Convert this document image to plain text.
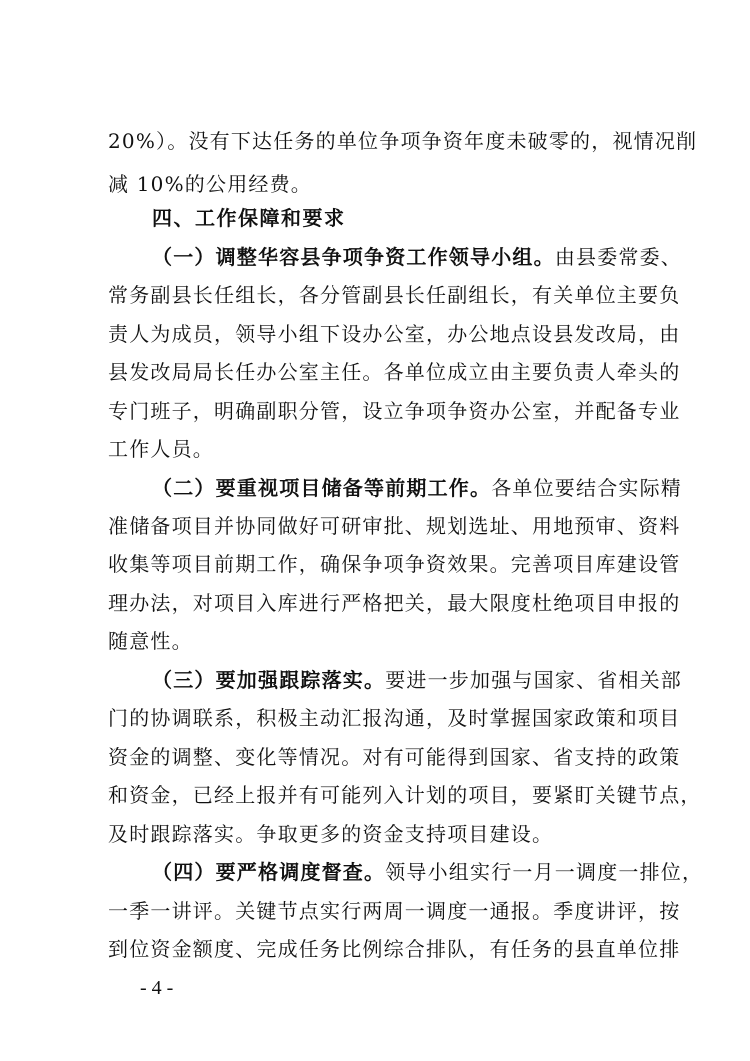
20%）。没有下达任务的单位争项争资年度未破零的，视情况削
减 10%的公用经费。
四、工作保障和要求
（一）调整华容县争项争资工作领导小组。由县委常委、
常务副县长任组长，各分管副县长任副组长，有关单位主要负
责人为成员，领导小组下设办公室，办公地点设县发改局，由
县发改局局长任办公室主任。各单位成立由主要负责人牵头的
专门班子，明确副职分管，设立争项争资办公室，并配备专业
工作人员。
（二）要重视项目储备等前期工作。各单位要结合实际精
准储备项目并协同做好可研审批、规划选址、用地预审、资料
收集等项目前期工作，确保争项争资效果。完善项目库建设管
理办法，对项目入库进行严格把关，最大限度杜绝项目申报的
随意性。
（三）要加强跟踪落实。要进一步加强与国家、省相关部
门的协调联系，积极主动汇报沟通，及时掌握国家政策和项目
资金的调整、变化等情况。对有可能得到国家、省支持的政策
和资金，已经上报并有可能列入计划的项目，要紧盯关键节点，
及时跟踪落实。争取更多的资金支持项目建设。
（四）要严格调度督查。领导小组实行一月一调度一排位，
一季一讲评。关键节点实行两周一调度一通报。季度讲评，按
到位资金额度、完成任务比例综合排队，有任务的县直单位排
- 4 -
